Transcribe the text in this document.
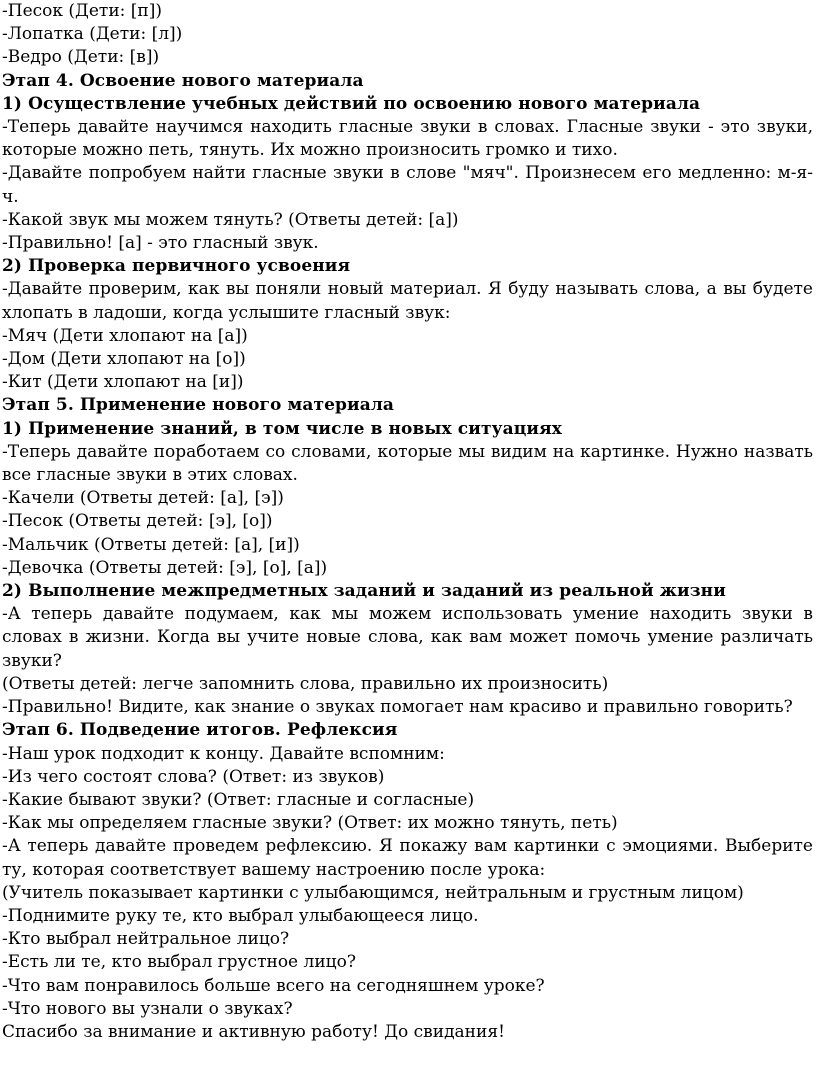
-Песок (Дети: [п])
-Лопатка (Дети: [л])
-Ведро (Дети: [в])
Этап 4. Освоение нового материала
1) Осуществление учебных действий по освоению нового материала

-Теперь давайте научимся находить гласные звуки в словах. Гласные звуки - это звуки, которые можно петь, тянуть. Их можно произносить громко и тихо.

-Давайте попробуем найти гласные звуки в слове "мяч". Произнесем его медленно: м-я-ч.

-Какой звук мы можем тянуть? (Ответы детей: [а])
-Правильно! [а] - это гласный звук.
2) Проверка первичного усвоения

-Давайте проверим, как вы поняли новый материал. Я буду называть слова, а вы будете хлопать в ладоши, когда услышите гласный звук:

-Мяч (Дети хлопают на [а])
-Дом (Дети хлопают на [о])
-Кит (Дети хлопают на [и])
Этап 5. Применение нового материала
1) Применение знаний, в том числе в новых ситуациях

-Теперь давайте поработаем со словами, которые мы видим на картинке. Нужно назвать все гласные звуки в этих словах.

-Качели (Ответы детей: [а], [э])
-Песок (Ответы детей: [э], [о])
-Мальчик (Ответы детей: [а], [и])
-Девочка (Ответы детей: [э], [о], [а])
2) Выполнение межпредметных заданий и заданий из реальной жизни

-А теперь давайте подумаем, как мы можем использовать умение находить звуки в словах в жизни. Когда вы учите новые слова, как вам может помочь умение различать звуки?

(Ответы детей: легче запомнить слова, правильно их произносить)

-Правильно! Видите, как знание о звуках помогает нам красиво и правильно говорить?

Этап 6. Подведение итогов. Рефлексия
-Наш урок подходит к концу. Давайте вспомним:
-Из чего состоят слова? (Ответ: из звуков)
-Какие бывают звуки? (Ответ: гласные и согласные)
-Как мы определяем гласные звуки? (Ответ: их можно тянуть, петь)

-А теперь давайте проведем рефлексию. Я покажу вам картинки с эмоциями. Выберите ту, которая соответствует вашему настроению после урока:

(Учитель показывает картинки с улыбающимся, нейтральным и грустным лицом)
-Поднимите руку те, кто выбрал улыбающееся лицо.
-Кто выбрал нейтральное лицо?
-Есть ли те, кто выбрал грустное лицо?
-Что вам понравилось больше всего на сегодняшнем уроке?
-Что нового вы узнали о звуках?
Спасибо за внимание и активную работу! До свидания!
